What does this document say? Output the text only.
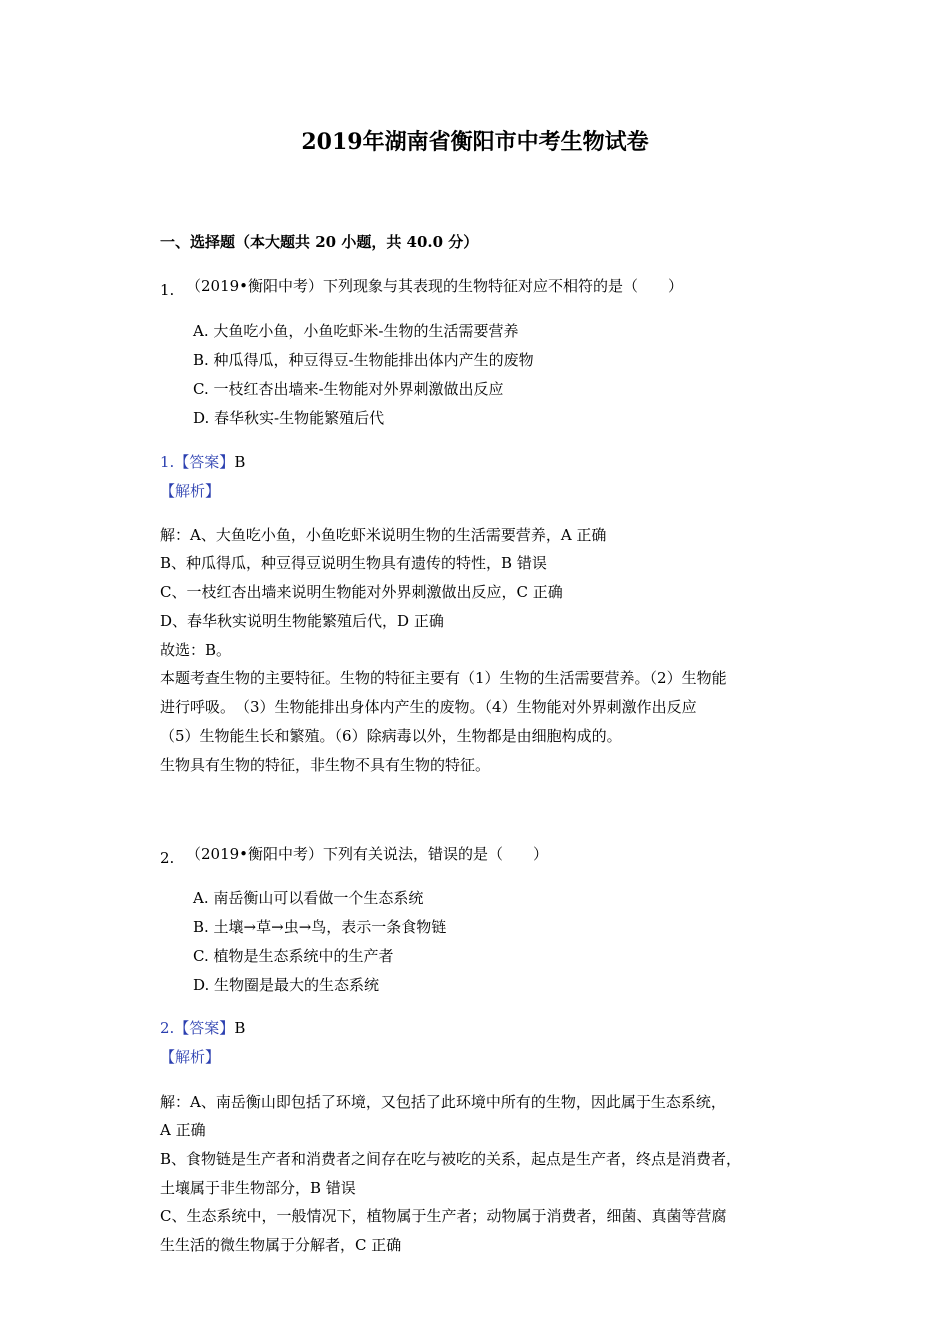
2019年湖南省衡阳市中考生物试卷
一、选择题（本大题共 20 小题，共 40.0 分）
1. （2019•衡阳中考）下列现象与其表现的生物特征对应不相符的是（　　）
A. 大鱼吃小鱼，小鱼吃虾米-生物的生活需要营养
B. 种瓜得瓜，种豆得豆-生物能排出体内产生的废物
C. 一枝红杏出墙来-生物能对外界刺激做出反应
D. 春华秋实-生物能繁殖后代
1.【答案】B
【解析】
解：A、大鱼吃小鱼，小鱼吃虾米说明生物的生活需要营养，A 正确
B、种瓜得瓜，种豆得豆说明生物具有遗传的特性，B 错误
C、一枝红杏出墙来说明生物能对外界刺激做出反应，C 正确
D、春华秋实说明生物能繁殖后代，D 正确
故选：B。
本题考查生物的主要特征。生物的特征主要有（1）生物的生活需要营养。（2）生物能
进行呼吸。　（3）生物能排出身体内产生的废物。（4）生物能对外界刺激作出反应
（5）生物能生长和繁殖。（6）除病毒以外，生物都是由细胞构成的。
生物具有生物的特征，非生物不具有生物的特征。
2. （2019•衡阳中考）下列有关说法，错误的是（　　）
A. 南岳衡山可以看做一个生态系统
B. 土壤→草→虫→鸟，表示一条食物链
C. 植物是生态系统中的生产者
D. 生物圈是最大的生态系统
2.【答案】B
【解析】
解：A、南岳衡山即包括了环境，又包括了此环境中所有的生物，因此属于生态系统，
A 正确
B、食物链是生产者和消费者之间存在吃与被吃的关系，起点是生产者，终点是消费者，
土壤属于非生物部分，B 错误
C、生态系统中，一般情况下，植物属于生产者；动物属于消费者，细菌、真菌等营腐
生生活的微生物属于分解者，C 正确
